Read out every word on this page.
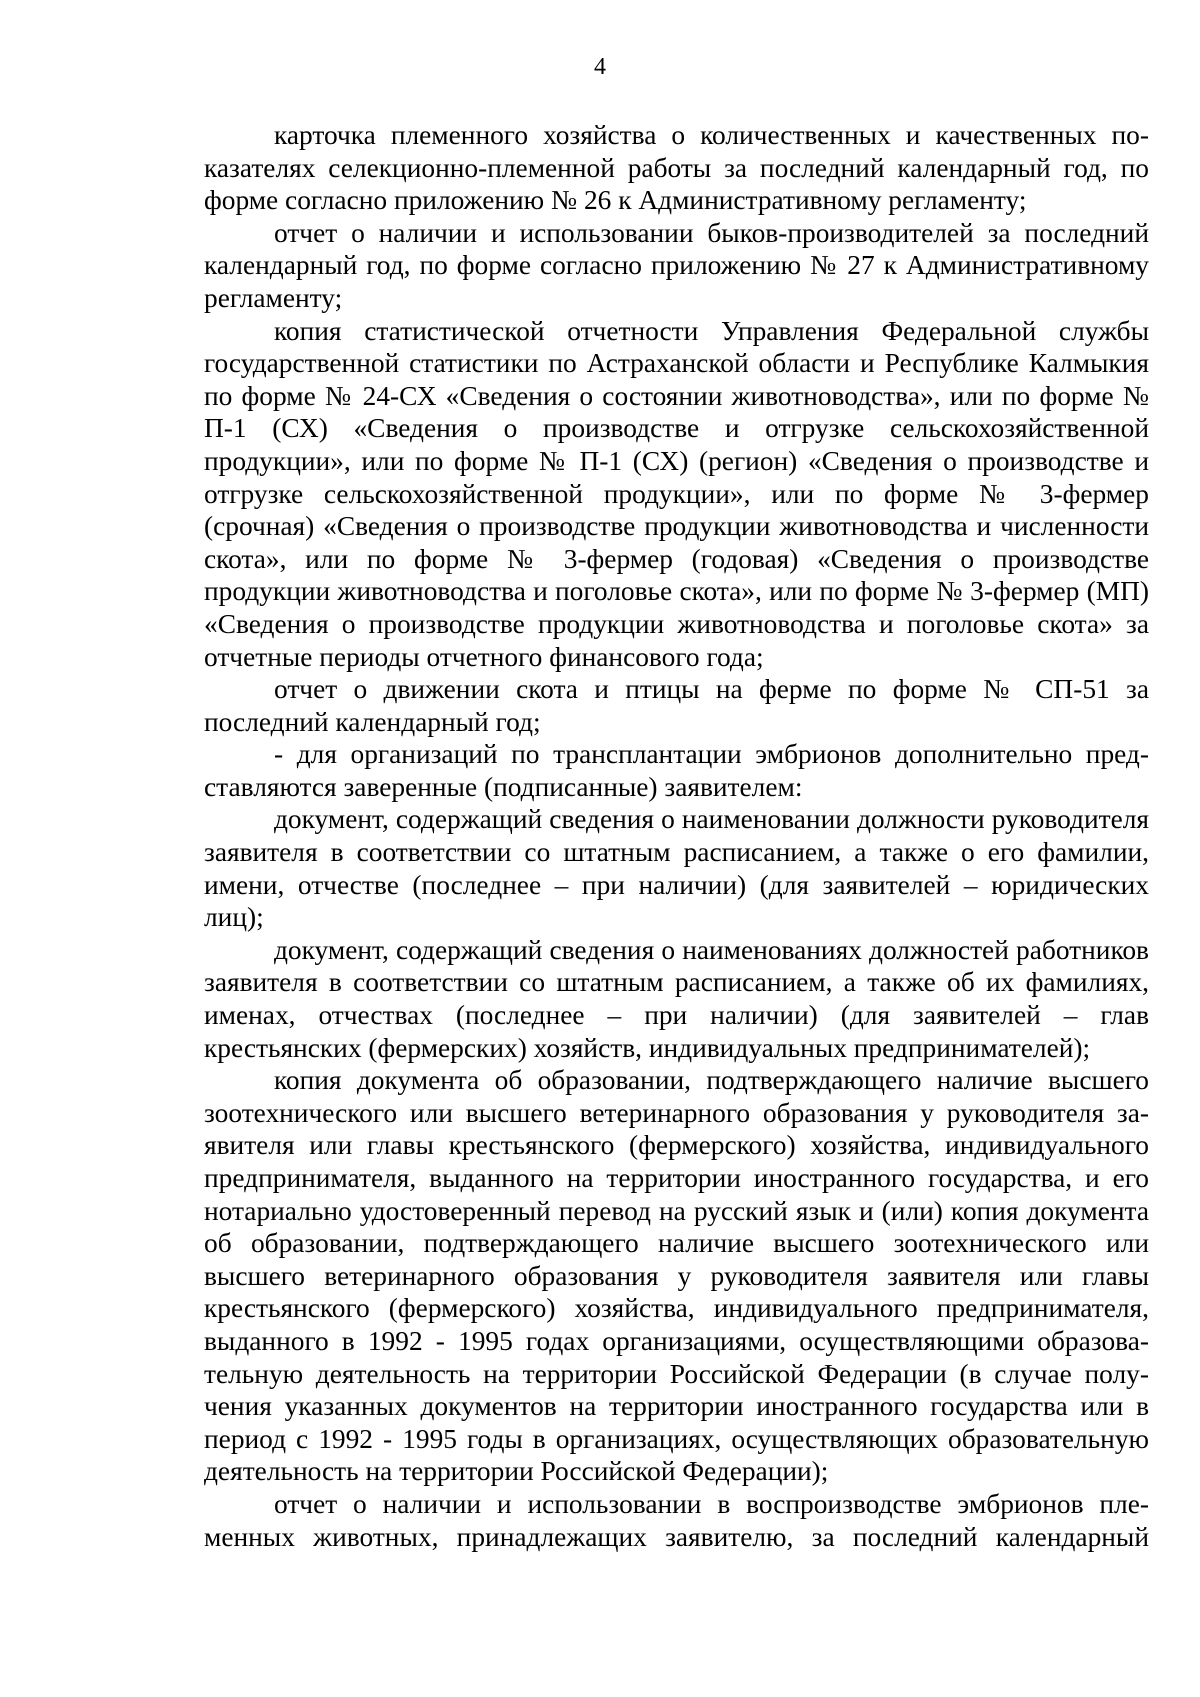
4

карточка племенного хозяйства о количественных и качественных показателях селекционно-племенной работы за последний календарный год, по форме согласно приложению № 26 к Административному регламенту;

отчет о наличии и использовании быков-производителей за последний календарный год, по форме согласно приложению № 27 к Административному регламенту;

копия статистической отчетности Управления Федеральной службы государственной статистики по Астраханской области и Республике Калмыкия по форме № 24-СХ «Сведения о состоянии животноводства», или по форме № П-1 (СХ) «Сведения о производстве и отгрузке сельскохозяйственной продукции», или по форме № П-1 (СХ) (регион) «Сведения о производстве и отгрузке сельскохозяйственной продукции», или по форме № 3-фермер (срочная) «Сведения о производстве продукции животноводства и численности скота», или по форме № 3-фермер (годовая) «Сведения о производстве продукции животноводства и поголовье скота», или по форме № 3-фермер (МП) «Сведения о производстве продукции животноводства и поголовье скота» за отчетные периоды отчетного финансового года;

отчет о движении скота и птицы на ферме по форме № СП-51 за последний календарный год;

- для организаций по трансплантации эмбрионов дополнительно представляются заверенные (подписанные) заявителем:

документ, содержащий сведения о наименовании должности руководителя заявителя в соответствии со штатным расписанием, а также о его фамилии, имени, отчестве (последнее – при наличии) (для заявителей – юридических лиц);

документ, содержащий сведения о наименованиях должностей работников заявителя в соответствии со штатным расписанием, а также об их фамилиях, именах, отчествах (последнее – при наличии) (для заявителей – глав крестьянских (фермерских) хозяйств, индивидуальных предпринимателей);

копия документа об образовании, подтверждающего наличие высшего зоотехнического или высшего ветеринарного образования у руководителя заявителя или главы крестьянского (фермерского) хозяйства, индивидуального предпринимателя, выданного на территории иностранного государства, и его нотариально удостоверенный перевод на русский язык и (или) копия документа об образовании, подтверждающего наличие высшего зоотехнического или высшего ветеринарного образования у руководителя заявителя или главы крестьянского (фермерского) хозяйства, индивидуального предпринимателя, выданного в 1992 - 1995 годах организациями, осуществляющими образовательную деятельность на территории Российской Федерации (в случае получения указанных документов на территории иностранного государства или в период с 1992 - 1995 годы в организациях, осуществляющих образовательную деятельность на территории Российской Федерации);

отчет о наличии и использовании в воспроизводстве эмбрионов племенных животных, принадлежащих заявителю, за последний календарный
